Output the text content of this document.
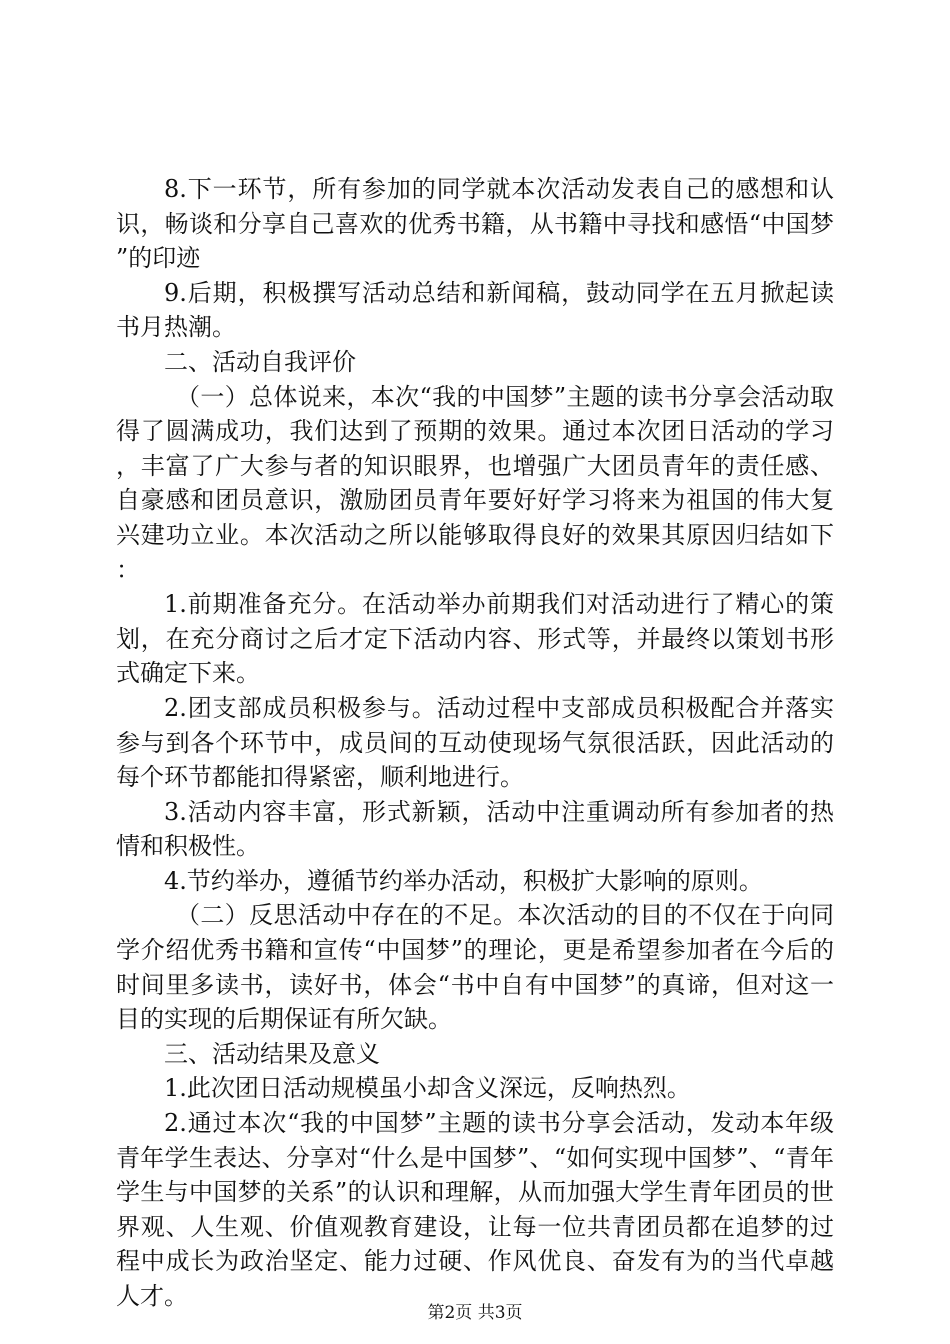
8.下一环节，所有参加的同学就本次活动发表自己的感想和认识，畅谈和分享自己喜欢的优秀书籍，从书籍中寻找和感悟“中国梦”的印迹

9.后期，积极撰写活动总结和新闻稿，鼓动同学在五月掀起读书月热潮。

二、活动自我评价

（一）总体说来，本次“我的中国梦”主题的读书分享会活动取得了圆满成功，我们达到了预期的效果。通过本次团日活动的学习，丰富了广大参与者的知识眼界，也增强广大团员青年的责任感、自豪感和团员意识，激励团员青年要好好学习将来为祖国的伟大复兴建功立业。本次活动之所以能够取得良好的效果其原因归结如下：

1.前期准备充分。在活动举办前期我们对活动进行了精心的策划，在充分商讨之后才定下活动内容、形式等，并最终以策划书形式确定下来。

2.团支部成员积极参与。活动过程中支部成员积极配合并落实参与到各个环节中，成员间的互动使现场气氛很活跃，因此活动的每个环节都能扣得紧密，顺利地进行。

3.活动内容丰富，形式新颖，活动中注重调动所有参加者的热情和积极性。

4.节约举办，遵循节约举办活动，积极扩大影响的原则。

（二）反思活动中存在的不足。本次活动的目的不仅在于向同学介绍优秀书籍和宣传“中国梦”的理论，更是希望参加者在今后的时间里多读书，读好书，体会“书中自有中国梦”的真谛，但对这一目的实现的后期保证有所欠缺。

三、活动结果及意义

1.此次团日活动规模虽小却含义深远，反响热烈。

2.通过本次“我的中国梦”主题的读书分享会活动，发动本年级青年学生表达、分享对“什么是中国梦”、“如何实现中国梦”、“青年学生与中国梦的关系”的认识和理解，从而加强大学生青年团员的世界观、人生观、价值观教育建设，让每一位共青团员都在追梦的过程中成长为政治坚定、能力过硬、作风优良、奋发有为的当代卓越人才。

第2页 共3页
